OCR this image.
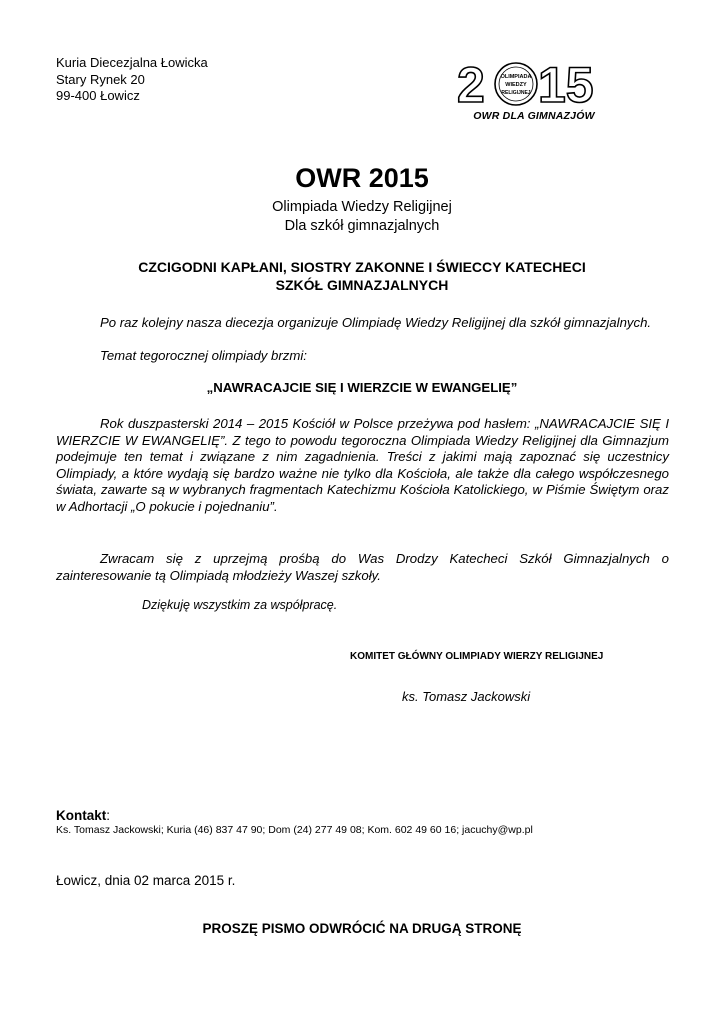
Kuria Diecezjalna Łowicka
Stary Rynek 20
99-400 Łowicz	2	OLIMPIADA
WIEDZY
RELIGIJNEJ 15
OWR DLA GIMNAZJÓW
OWR 2015
Olimpiada Wiedzy Religijnej
Dla szkół gimnazjalnych
CZCIGODNI KAPŁANI, SIOSTRY ZAKONNE I ŚWIECCY KATECHECI
SZKÓŁ GIMNAZJALNYCH
Po raz kolejny nasza diecezja organizuje Olimpiadę Wiedzy Religijnej dla szkół gimnazjalnych.
Temat tegorocznej olimpiady brzmi:
„NAWRACAJCIE SIĘ I WIERZCIE W EWANGELIĘ”
Rok duszpasterski 2014 – 2015 Kościół w Polsce przeżywa pod hasłem: „NAWRACAJCIE SIĘ I WIERZCIE W EWANGELIĘ”. Z tego to powodu tegoroczna Olimpiada Wiedzy Religijnej dla Gimnazjum podejmuje ten temat i związane z nim zagadnienia. Treści z jakimi mają zapoznać się uczestnicy Olimpiady, a które wydają się bardzo ważne nie tylko dla Kościoła, ale także dla całego współczesnego świata, zawarte są w wybranych fragmentach Katechizmu Kościoła Katolickiego, w Piśmie Świętym oraz w Adhortacji „O pokucie i pojednaniu”.
Zwracam się z uprzejmą prośbą do Was Drodzy Katecheci Szkół Gimnazjalnych o zainteresowanie tą Olimpiadą młodzieży Waszej szkoły.
Dziękuję wszystkim za współpracę.
KOMITET GŁÓWNY OLIMPIADY WIERZY RELIGIJNEJ
ks. Tomasz Jackowski
Kontakt:
Ks. Tomasz Jackowski; Kuria (46) 837 47 90; Dom (24) 277 49 08; Kom. 602 49 60 16; jacuchy@wp.pl
Łowicz, dnia 02 marca 2015 r.
PROSZĘ PISMO ODWRÓCIĆ NA DRUGĄ STRONĘ
